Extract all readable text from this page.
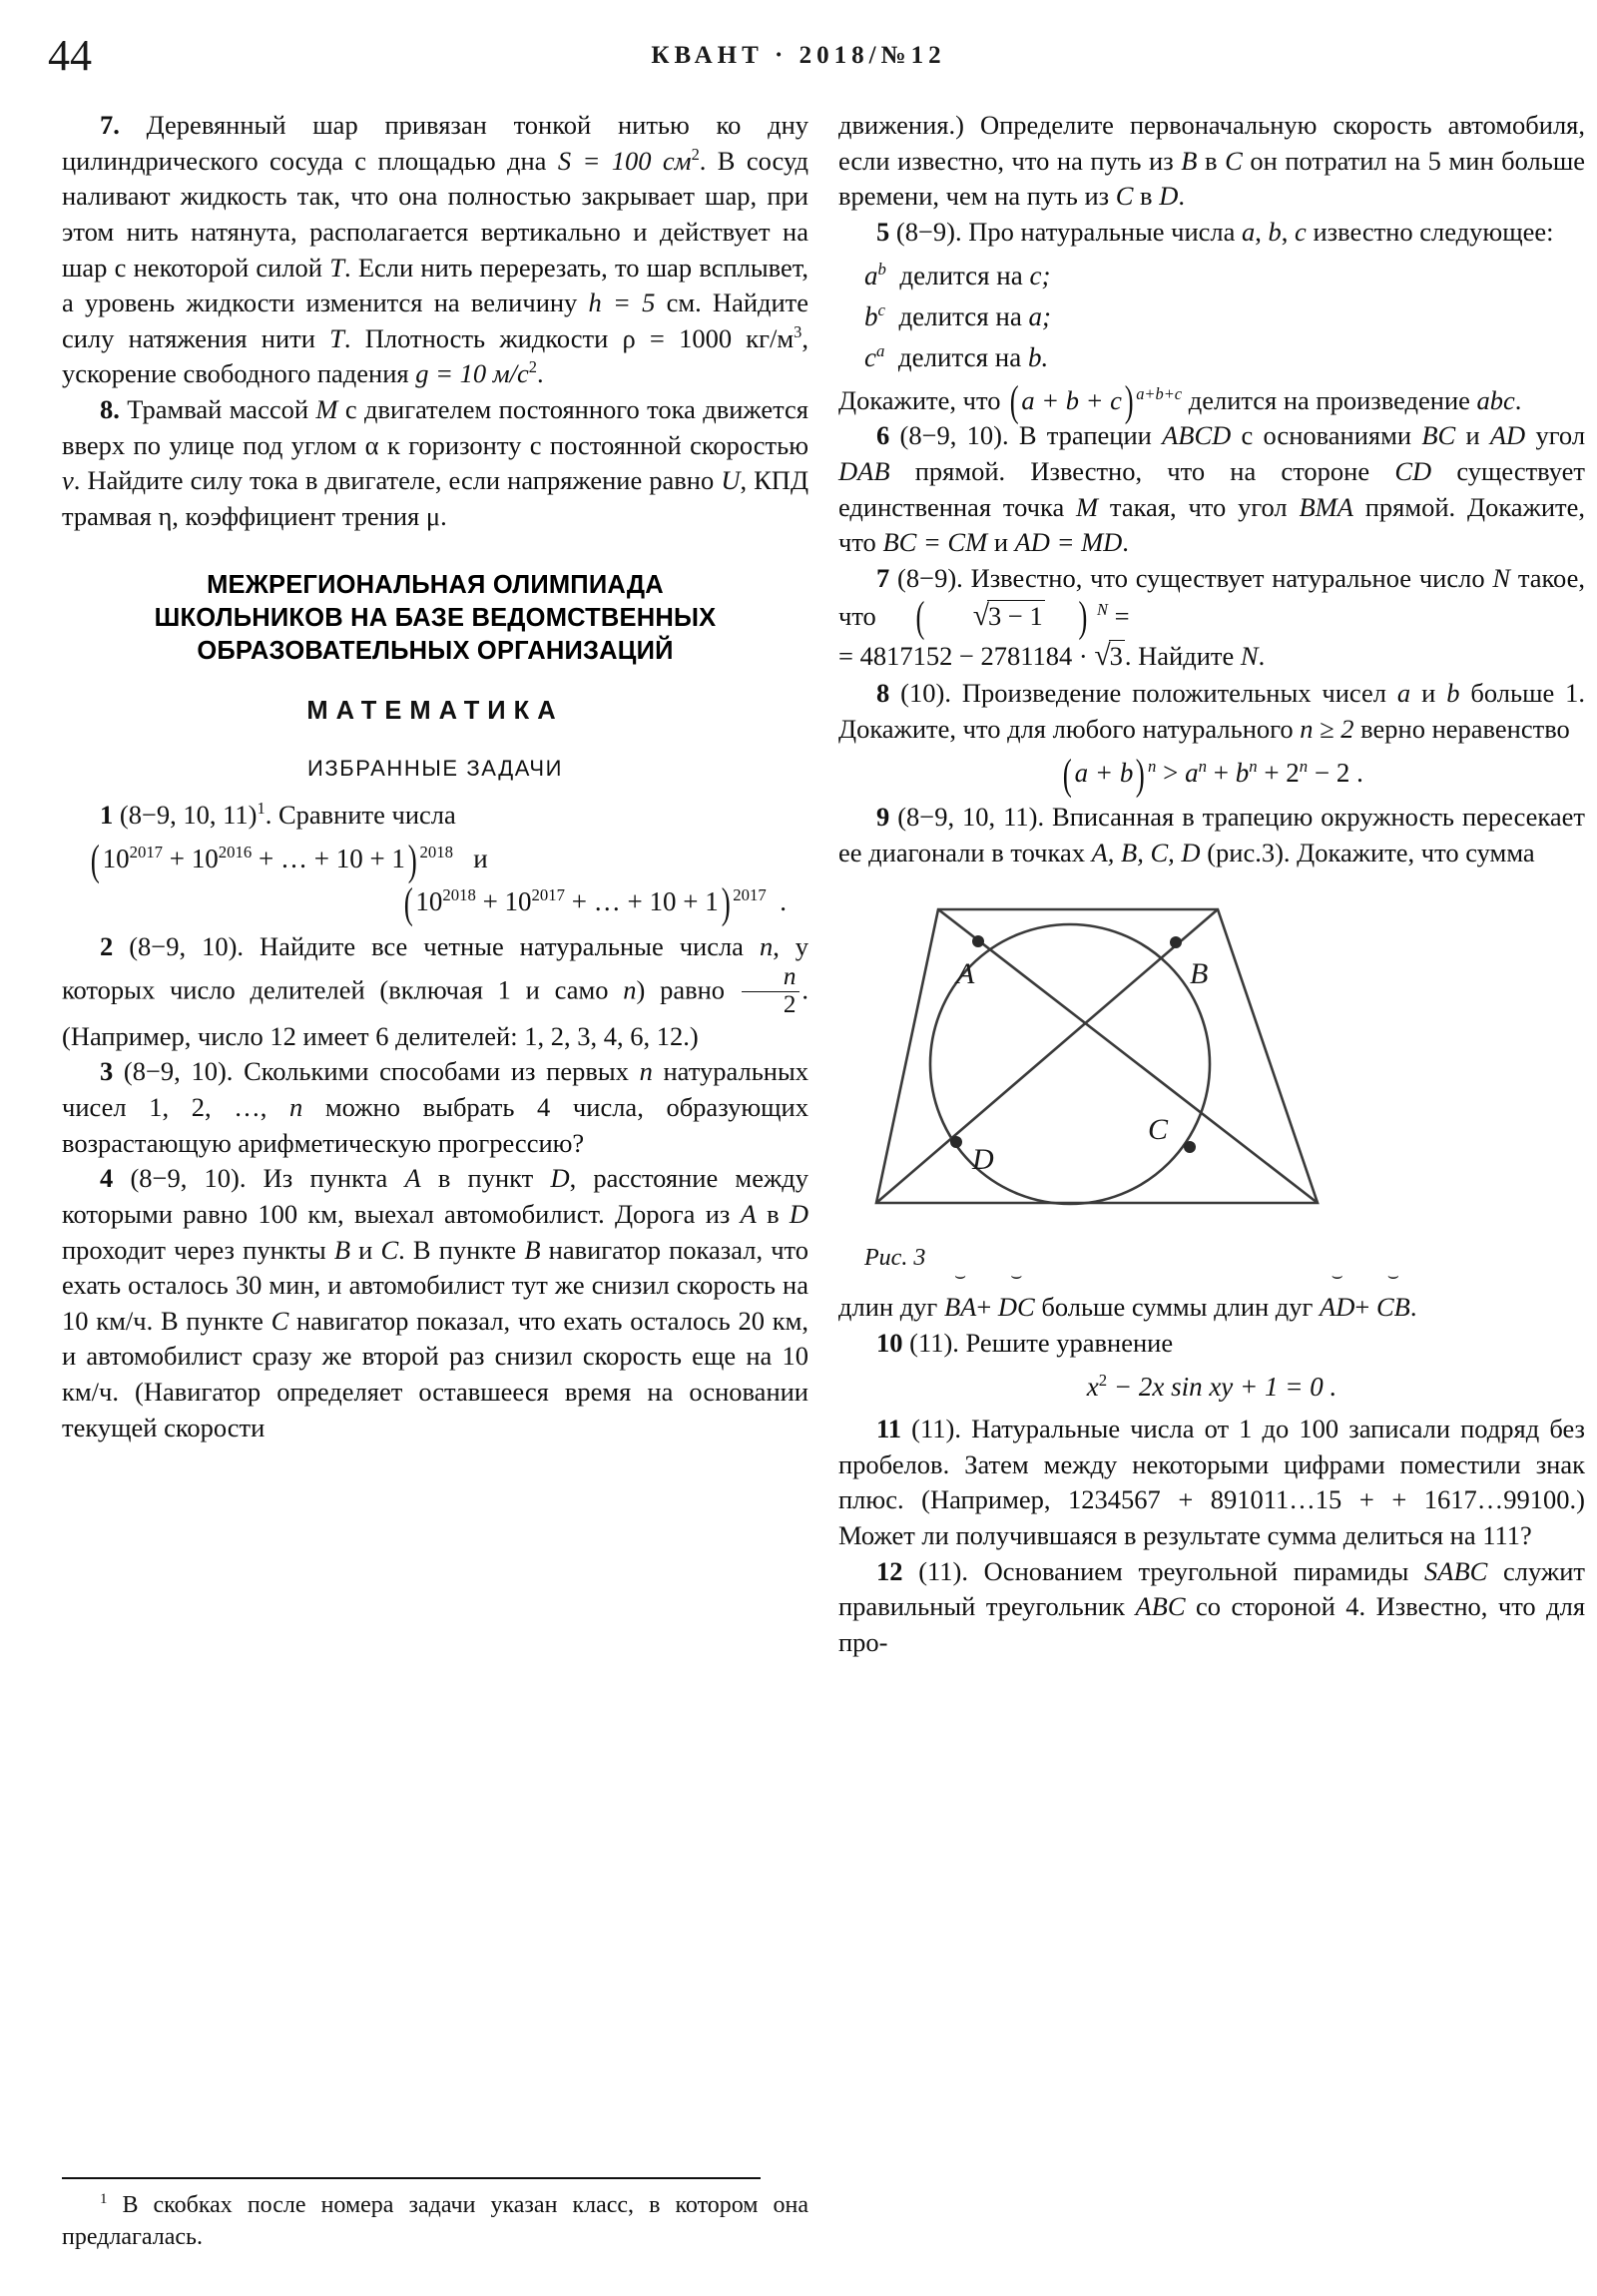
44	КВАНТ · 2018/№12

7. Деревянный шар привязан тонкой нитью ко дну цилиндрического сосуда с площадью дна S = 100 $см^2$. В сосуд наливают жидкость так, что она полностью закрывает шар, при этом нить натянута, располагается вертикально и действует на шар с некоторой силой T. Если нить перерезать, то шар всплывет, а уровень жидкости изменится на величину h = 5 см. Найдите силу натяжения нити T. Плотность жидкости ρ = 1000 $кг/м^3$, ускорение свободного падения g = 10 $м/с^2$.

8. Трамвай массой M с двигателем постоянного тока движется вверх по улице под углом α к горизонту с постоянной скоростью v. Найдите силу тока в двигателе, если напряжение равно U, КПД трамвая η, коэффициент трения μ.

МЕЖРЕГИОНАЛЬНАЯ ОЛИМПИАДА
ШКОЛЬНИКОВ НА БАЗЕ ВЕДОМСТВЕННЫХ
ОБРАЗОВАТЕЛЬНЫХ ОРГАНИЗАЦИЙ
МАТЕМАТИКА
ИЗБРАННЫЕ ЗАДАЧИ

1 (8−9, 10, 11)$^1$. Сравните числа

( $10^{2017} + 10^{2016}$ + … + 10 + 1) $^{2018}$ и
( $10^{2018} + 10^{2017}$ + … + 10 + 1) $^{2017}$ .

2 (8−9, 10). Найдите все четные натуральные числа n, у которых число делителей (включая 1 и само n) равно $\frac{n}{2}$ . (Например, число 12 имеет 6 делителей: 1, 2, 3, 4, 6, 12.)

3 (8−9, 10). Сколькими способами из первых n натуральных чисел 1, 2, …, n можно выбрать 4 числа, образующих возрастающую арифметическую прогрессию?

4 (8−9, 10). Из пункта A в пункт D, расстояние между которыми равно 100 км, выехал автомобилист. Дорога из A в D проходит через пункты B и C. В пункте B навигатор показал, что ехать осталось 30 мин, и автомобилист тут же снизил скорость на 10 км/ч. В пункте C навигатор показал, что ехать осталось 20 км, и автомобилист сразу же второй раз снизил скорость еще на 10 км/ч. (Навигатор определяет оставшееся время на основании текущей скорости

движения.) Определите первоначальную скорость автомобиля, если известно, что на путь из B в C он потратил на 5 мин больше времени, чем на путь из C в D.

5 (8−9). Про натуральные числа a, b, c известно следующее:

$a^b$ делится на c;
$b^c$ делится на a;
$c^a$ делится на b.

Докажите, что ( a + b + c) $^{a+b+c}$ делится на произведение abc.

6 (8−9, 10). В трапеции ABCD с основаниями BC и AD угол DAB прямой. Известно, что на стороне CD существует единственная точка M такая, что угол BMA прямой. Докажите, что BC = CM и AD = MD.

7 (8−9). Известно, что существует натуральное число N такое, что ( √3 − 1 ) $^N$ =

= 4817152 − 2781184 · √3. Найдите N.

8 (10). Произведение положительных чисел a и b больше 1. Докажите, что для любого натурального n ≥ 2 верно неравенство

( a + b) $^n > a^n + b^n + 2^n - 2$ .

9 (8−9, 10, 11). Вписанная в трапецию окружность пересекает ее диагонали в точках A, B, C, D (рис.3). Докажите, что сумма

A	B
C
D
Рис. 3

длин дуг
⌣
BA+
⌣
DC больше суммы длин дуг
⌣
AD+
⌣
CB.

10 (11). Решите уравнение

$x^2 - 2x$ sin xy + 1 = 0 .

11 (11). Натуральные числа от 1 до 100 записали подряд без пробелов. Затем между некоторыми цифрами поместили знак плюс. (Например, 1234567 + 891011…15 + + 1617…99100.) Может ли получившаяся в результате сумма делиться на 111?

12 (11). Основанием треугольной пирамиды SABC служит правильный треугольник ABC со стороной 4. Известно, что для про-

$^1$ В скобках после номера задачи указан класс, в котором она предлагалась.
